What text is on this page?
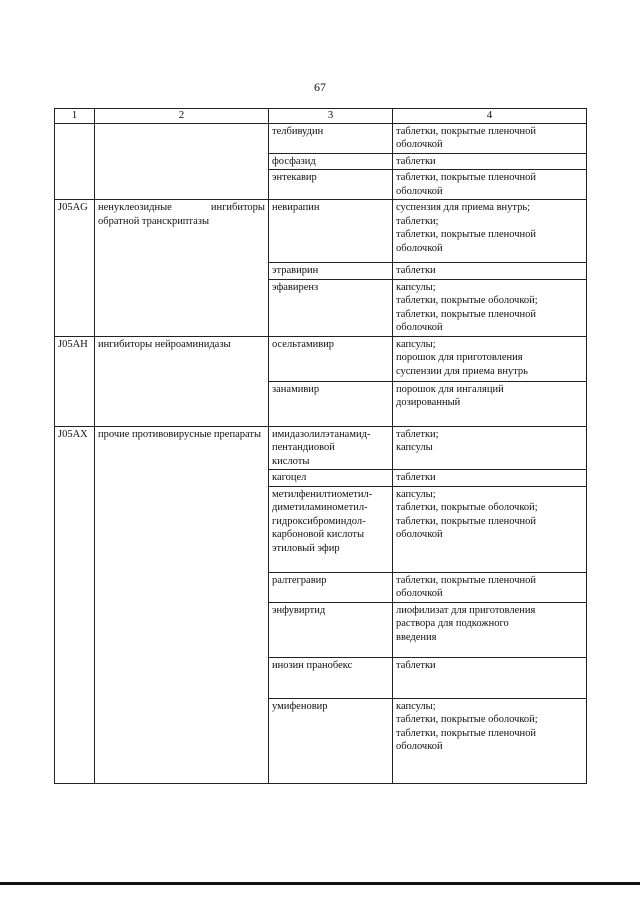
67
1	2	3	4
		телбивудин	таблетки, покрытые пленочной
оболочкой
		фосфазид	таблетки
		энтекавир	таблетки, покрытые пленочной
оболочкой
J05AG	ненуклеозидные ингибиторы обратной транскриптазы	невирапин	суспензия для приема внутрь;
таблетки;
таблетки, покрытые пленочной
оболочкой
		этравирин	таблетки
		эфавиренз	капсулы;
таблетки, покрытые оболочкой;
таблетки, покрытые пленочной
оболочкой
J05AH	ингибиторы нейроаминидазы	осельтамивир	капсулы;
порошок для приготовления
суспензии для приема внутрь
		занамивир	порошок для ингаляций
дозированный

J05AX	прочие противовирусные препараты	имидазолилэтанамид-
пентандиовой
кислоты	таблетки;
капсулы
		кагоцел	таблетки
		метилфенилтиометил-
диметиламинометил-
гидроксиброминдол-
карбоновой кислоты
этиловый эфир	капсулы;
таблетки, покрытые оболочкой;
таблетки, покрытые пленочной
оболочкой
		ралтегравир	таблетки, покрытые пленочной
оболочкой
		энфувиртид	лиофилизат для приготовления
раствора для подкожного
введения
		инозин пранобекс	таблетки
		умифеновир	капсулы;
таблетки, покрытые оболочкой;
таблетки, покрытые пленочной
оболочкой
